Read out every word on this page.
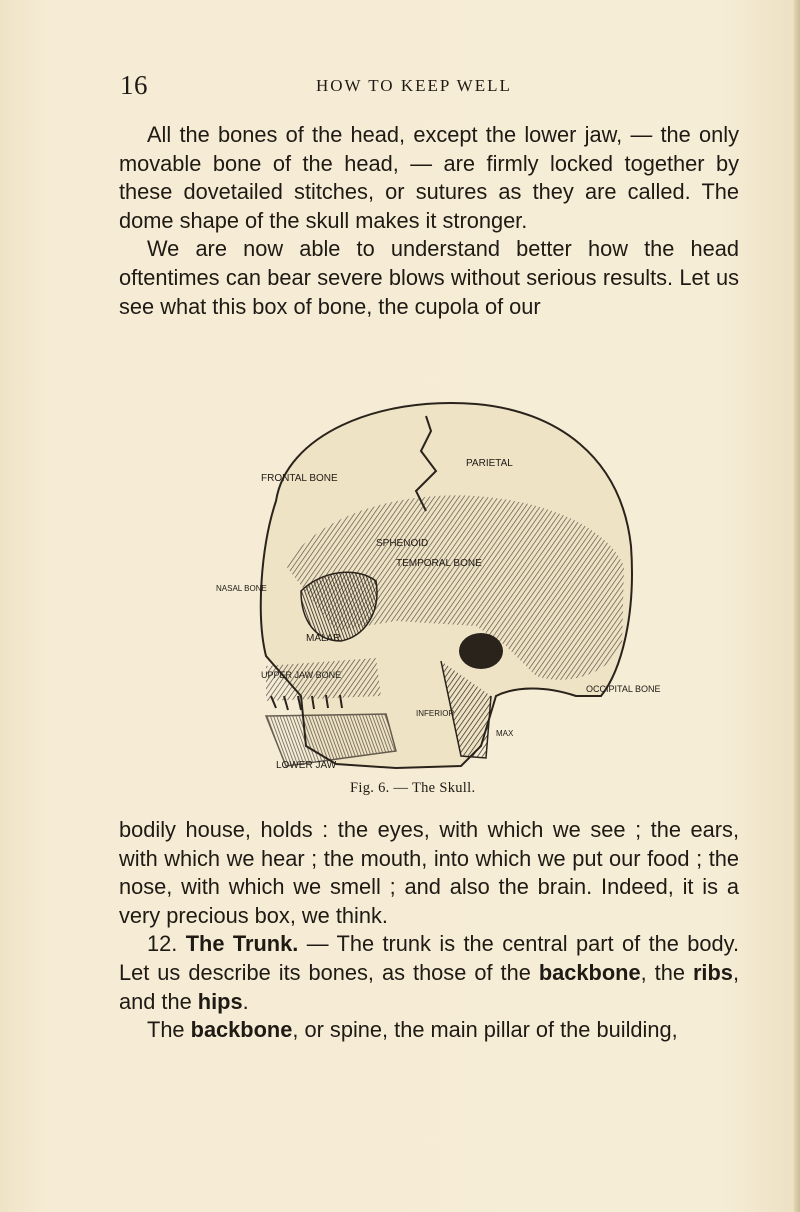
16	HOW TO KEEP WELL

All the bones of the head, except the lower jaw, — the only movable bone of the head, — are firmly locked together by these dovetailed stitches, or sutures as they are called. The dome shape of the skull makes it stronger.

We are now able to understand better how the head oftentimes can bear severe blows without serious results. Let us see what this box of bone, the cupola of our

TEMPORAL BONE
PARIETAL
FRONTAL BONE
SPHENOID
NASAL BONE
MALAR
UPPER JAW BONE
LOWER JAW
OCCIPITAL BONE
INFERIOR
MAX
Fig. 6. — The Skull.

bodily house, holds : the eyes, with which we see ; the ears, with which we hear ; the mouth, into which we put our food ; the nose, with which we smell ; and also the brain. Indeed, it is a very precious box, we think.

12. The Trunk. — The trunk is the central part of the body. Let us describe its bones, as those of the backbone, the ribs, and the hips.

The backbone, or spine, the main pillar of the building,
